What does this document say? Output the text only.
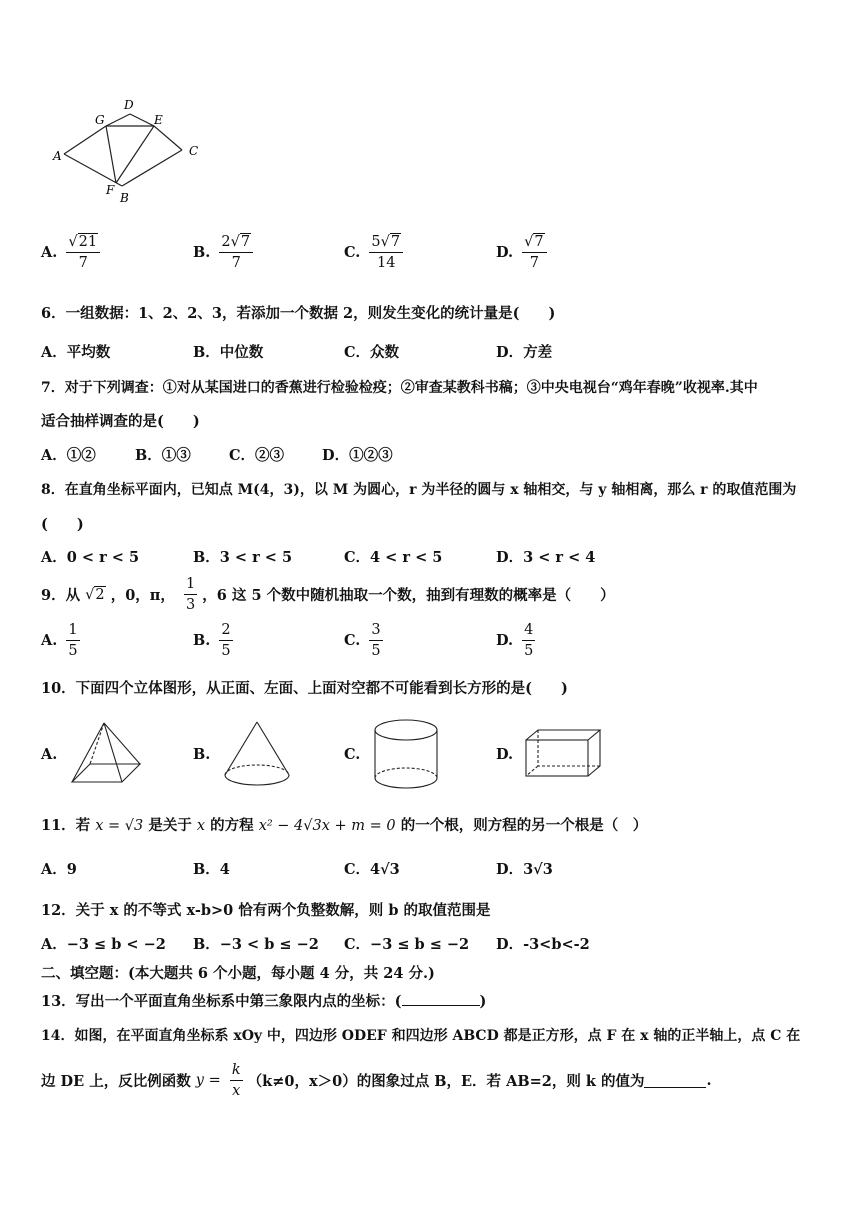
A
G
D
E
C
F
B
A. $\frac{√21}{7}$	B. $\frac{2√7}{7}$	C. $\frac{5√7}{14}$	D. $\frac{√7}{7}$
6．一组数据：1、2、2、3，若添加一个数据 2，则发生变化的统计量是(　　)
A．平均数	B．中位数	C．众数	D．方差
7．对于下列调查：①对从某国进口的香蕉进行检验检疫；②审查某教科书稿；③中央电视台“鸡年春晚”收视率.其中
适合抽样调查的是(　　)
A．①②	B．①③	C．②③	D．①②③
8．在直角坐标平面内，已知点 M(4，3)，以 M 为圆心，r 为半径的圆与 x 轴相交，与 y 轴相离，那么 r 的取值范围为
(　　)
A．0 < r < 5	B．3 < r < 5	C．4 < r < 5	D．3 < r < 4
9．从 √2 ，0，π， $\frac{1}{3}$ ，6 这 5 个数中随机抽取一个数，抽到有理数的概率是（　　）
A. $\frac{1}{5}$	B. $\frac{2}{5}$	C. $\frac{3}{5}$	D. $\frac{4}{5}$
10．下面四个立体图形，从正面、左面、上面对空都不可能看到长方形的是(　　)
A.	B.	C.	D.
11．若 x = √3 是关于 x 的方程 x² − 4√3x + m = 0 的一个根，则方程的另一个根是（　）
A．9	B．4	C．4√3	D．3√3
12．关于 x 的不等式 x-b>0 恰有两个负整数解，则 b 的取值范围是
A．−3 ≤ b < −2 B．−3 < b ≤ −2 C．−3 ≤ b ≤ −2 D．-3<b<-2
二、填空题：(本大题共 6 个小题，每小题 4 分，共 24 分.)
13．写出一个平面直角坐标系中第三象限内点的坐标：(	)
14．如图，在平面直角坐标系 xOy 中，四边形 ODEF 和四边形 ABCD 都是正方形，点 F 在 x 轴的正半轴上，点 C 在
边 DE 上，反比例函数 $y = \frac{k}{x} (k\ne 0$，x＞0）的图象过点 B，E．若 AB=2，则 k 的值为	.
